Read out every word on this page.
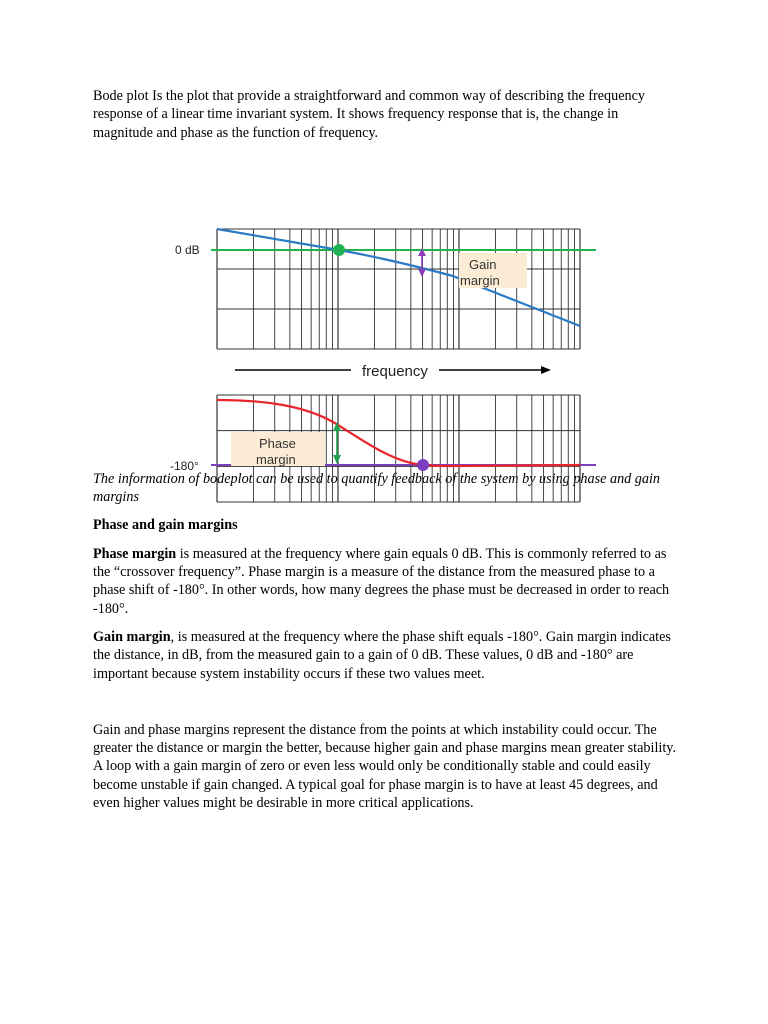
Bode plot Is the plot that provide a straightforward and common way of describing the frequency response of a linear time invariant system. It shows frequency response that is, the change in magnitude and phase as the function of frequency.

0 dB
Gain
margin
frequency
-180°
Phase
margin

The information of bodeplot can be used to quantify feedback of the system by using phase and gain margins

Phase and gain margins

Phase margin is measured at the frequency where gain equals 0 dB. This is commonly referred to as the “crossover frequency”. Phase margin is a measure of the distance from the measured phase to a phase shift of -180°. In other words, how many degrees the phase must be decreased in order to reach -180°.

Gain margin, is measured at the frequency where the phase shift equals -180°. Gain margin indicates the distance, in dB, from the measured gain to a gain of 0 dB. These values, 0 dB and -180° are important because system instability occurs if these two values meet.

Gain and phase margins represent the distance from the points at which instability could occur. The greater the distance or margin the better, because higher gain and phase margins mean greater stability. A loop with a gain margin of zero or even less would only be conditionally stable and could easily become unstable if gain changed. A typical goal for phase margin is to have at least 45 degrees, and even higher values might be desirable in more critical applications.
